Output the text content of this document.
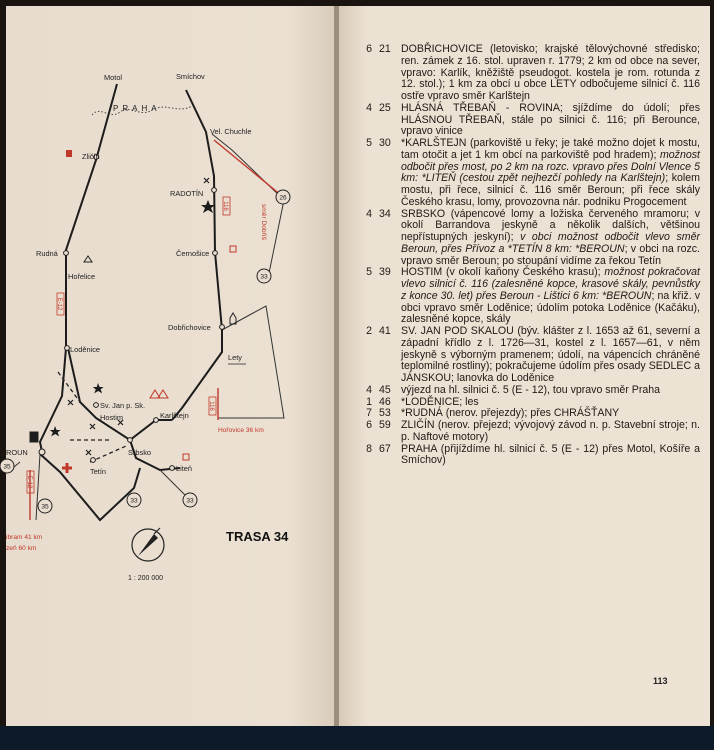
PRAHA
26
33
33	33
35
35
116
E-12
116
E-12
Motol	Smíchov
Vel. Chuchle
Zličín
RADOTÍN
Rudná
Hořelice
Černošice
Dobřichovice
Loděnice
Lety
Sv. Jan p. Sk.
Hostim	Karlštejn
ROUN	Srbsko
Liteň
Tetín
směr Dobříš
Hořovice 36 km
ibram 41 km
zeň 60 km
TRASA 34
1 : 200 000
6 21 DOBŘICHOVICE (letovisko; krajské tělovýchovné středisko; ren. zámek z 16. stol. upraven r. 1779; 2 km od obce na sever, vpravo: Karlík, kněžiště pseudogot. kostela je rom. rotunda z 12. stol.); 1 km za obcí u obce LETY odbočujeme silnicí č. 116 ostře vpravo směr Karlštejn
4 25 HLÁSNÁ TŘEBAŇ - ROVINA; sjíždíme do údolí; přes HLÁSNOU TŘEBAŇ, stále po silnici č. 116; při Berounce, vpravo vinice
5 30 *KARLŠTEJN (parkoviště u řeky; je také možno dojet k mostu, tam otočit a jet 1 km obcí na parkoviště pod hradem); možnost odbočit přes most, po 2 km na rozc. vpravo přes Dolní Vlence 5 km: *LITEŇ (cestou zpět nejhezčí pohledy na Karlštejn); kolem mostu, při řece, silnicí č. 116 směr Beroun; při řece skály Českého krasu, lomy, provozovna nár. podniku Progocement
4 34 SRBSKO (vápencové lomy a ložiska červeného mramoru; v okolí Barrandova jeskyně a několik dalších, většinou nepřístupných jeskyní); v obci možnost odbočit vlevo směr Beroun, přes Přívoz a *TETÍN 8 km: *BEROUN; v obci na rozc. vpravo směr Beroun; po stoupání vidíme za řekou Tetín
5 39 HOSTIM (v okolí kaňony Českého krasu); možnost pokračovat vlevo silnicí č. 116 (zalesněné kopce, krasové skály, pevnůstky z konce 30. let) přes Beroun - Lištici 6 km: *BEROUN; na křiž. v obci vpravo směr Loděnice; údolím potoka Loděnice (Kačáku), zalesněné kopce, skály
2 41 SV. JAN POD SKALOU (býv. klášter z l. 1653 až 61, severní a západní křídlo z l. 1726—31, kostel z l. 1657—61, v něm jeskyně s výborným pramenem; údolí, na vápencích chráněné teplomilné rostliny); pokračujeme údolím přes osady SEDLEC a JÁNSKOU; lanovka do Loděnice
4 45 výjezd na hl. silnici č. 5 (E - 12), tou vpravo směr Praha
1 46 *LODĚNICE; les
7 53 *RUDNÁ (nerov. přejezdy); přes CHRÁŠŤANY
6 59 ZLIČÍN (nerov. přejezd; vývojový závod n. p. Stavební stroje; n. p. Naftové motory)
8 67 PRAHA (přijíždíme hl. silnicí č. 5 (E - 12) přes Motol, Košíře a Smíchov)
113
